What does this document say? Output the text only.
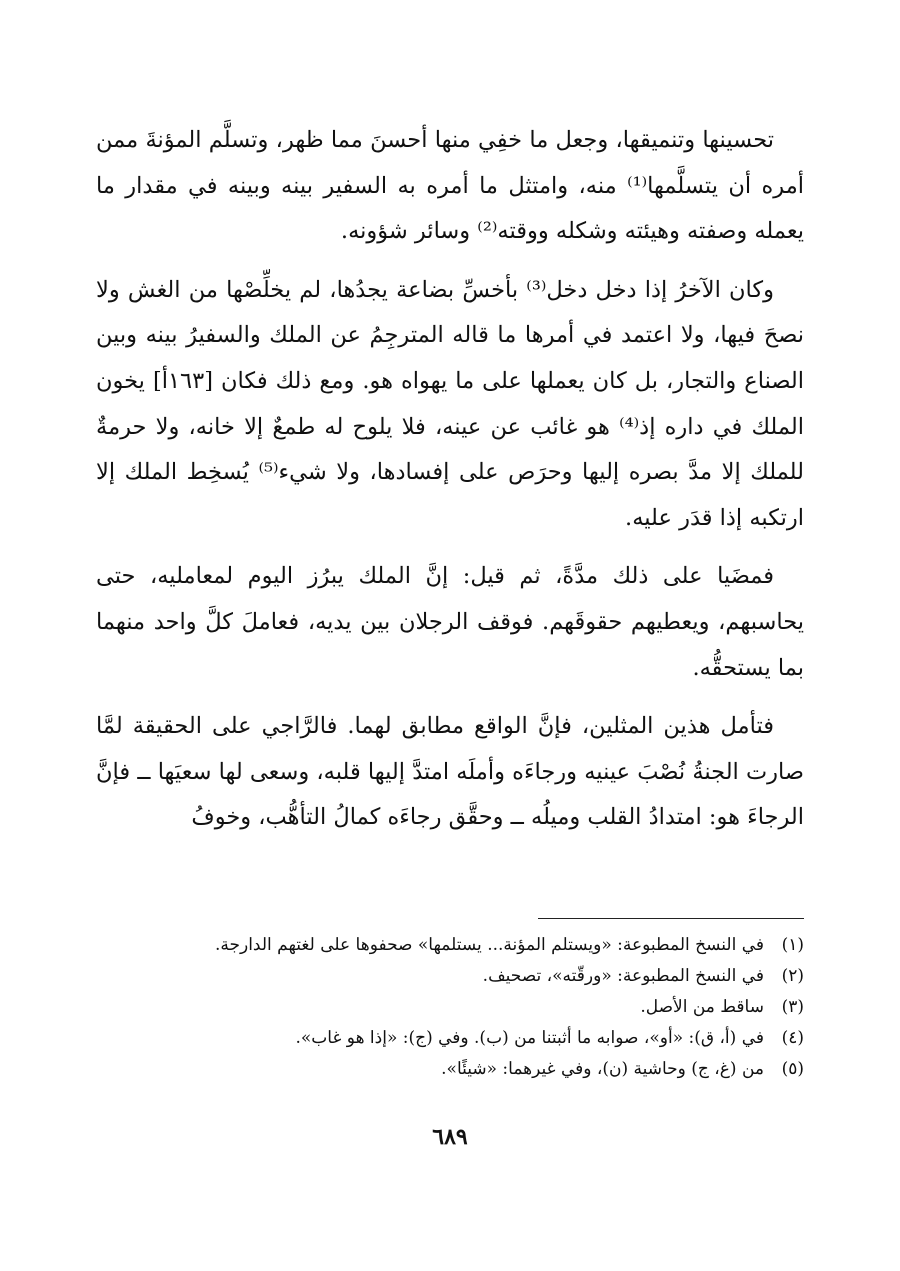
تحسينها وتنميقها، وجعل ما خفِي منها أحسنَ مما ظهر، وتسلَّم المؤنةَ ممن أمره أن يتسلَّمها⁽¹⁾ منه، وامتثل ما أمره به السفير بينه وبينه في مقدار ما يعمله وصفته وهيئته وشكله ووقته⁽²⁾ وسائر شؤونه.

وكان الآخرُ إذا دخل دخل⁽³⁾ بأخسِّ بضاعة يجدُها، لم يخلِّصْها من الغش ولا نصحَ فيها، ولا اعتمد في أمرها ما قاله المترجِمُ عن الملك والسفيرُ بينه وبين الصناع والتجار، بل كان يعملها على ما يهواه هو. ومع ذلك فكان [١٦٣أ] يخون الملك في داره إذ⁽⁴⁾ هو غائب عن عينه، فلا يلوح له طمعٌ إلا خانه، ولا حرمةٌ للملك إلا مدَّ بصره إليها وحرَص على إفسادها، ولا شيء⁽⁵⁾ يُسخِط الملك إلا ارتكبه إذا قدَر عليه.

فمضَيا على ذلك مدَّةً، ثم قيل: إنَّ الملك يبرُز اليوم لمعامليه، حتى يحاسبهم، ويعطيهم حقوقَهم. فوقف الرجلان بين يديه، فعاملَ كلَّ واحد منهما بما يستحقُّه.

فتأمل هذين المثلين، فإنَّ الواقع مطابق لهما. فالرَّاجي على الحقيقة لمَّا صارت الجنةُ نُصْبَ عينيه ورجاءَه وأملَه امتدَّ إليها قلبه، وسعى لها سعيَها ــ فإنَّ الرجاءَ هو: امتدادُ القلب وميلُه ــ وحقَّق رجاءَه كمالُ التأهُّب، وخوفُ

(١)
في النسخ المطبوعة: «ويستلم المؤنة... يستلمها» صحفوها على لغتهم الدارجة.
(٢)
في النسخ المطبوعة: «ورقّته»، تصحيف.
(٣)
ساقط من الأصل.
(٤)
في (أ، ق): «أو»، صوابه ما أثبتنا من (ب). وفي (ج): «إذا هو غاب».
(٥)
من (غ، ج) وحاشية (ن)، وفي غيرهما: «شيئًا».
٦٨٩
